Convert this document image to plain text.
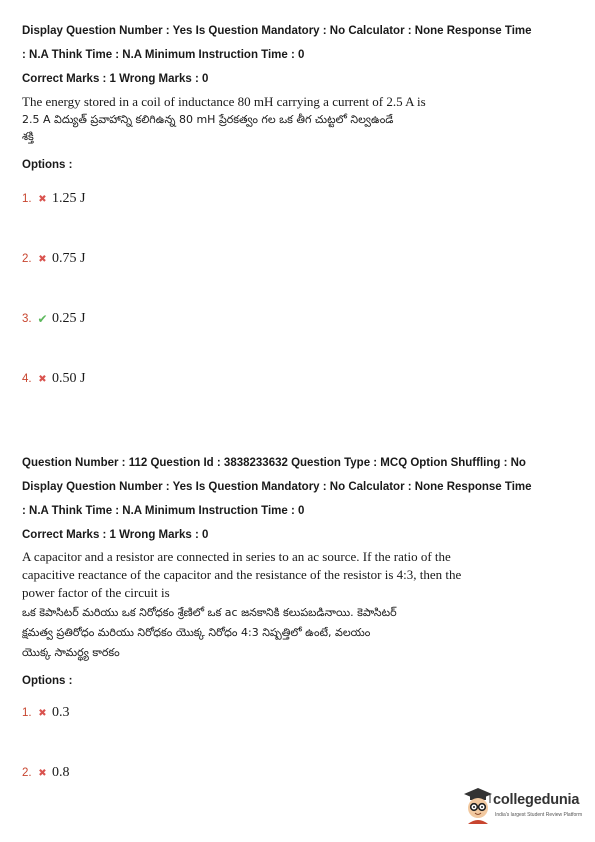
Display Question Number : Yes Is Question Mandatory : No Calculator : None Response Time
: N.A Think Time : N.A Minimum Instruction Time : 0
Correct Marks : 1 Wrong Marks : 0
The energy stored in a coil of inductance 80 mH carrying a current of 2.5 A is
2.5 A విద్యుత్ ప్రవాహాన్ని కలిగిఉన్న 80 mH ప్రేరకత్వం గల ఒక తీగ చుట్టలో నిల్వఉండే
శక్తి
Options :
1. ✖ 1.25 J
2. ✖ 0.75 J
3. ✔ 0.25 J
4. ✖ 0.50 J
Question Number : 112 Question Id : 3838233632 Question Type : MCQ Option Shuffling : No
Display Question Number : Yes Is Question Mandatory : No Calculator : None Response Time
: N.A Think Time : N.A Minimum Instruction Time : 0
Correct Marks : 1 Wrong Marks : 0
A capacitor and a resistor are connected in series to an ac source. If the ratio of the
capacitive reactance of the capacitor and the resistance of the resistor is 4:3, then the
power factor of the circuit is
ఒక కెపాసిటర్ మరియు ఒక నిరోధకం శ్రేణిలో ఒక ac జనకానికి కలుపబడినాయి. కెపాసిటర్
క్షమత్వ ప్రతిరోధం మరియు నిరోధకం యొక్క నిరోధం 4:3 నిష్పత్తిలో ఉంటే, వలయం
యొక్క సామర్థ్య కారకం
Options :
1. ✖ 0.3
2. ✖ 0.8
collegedunia
India's largest Student Review Platform
